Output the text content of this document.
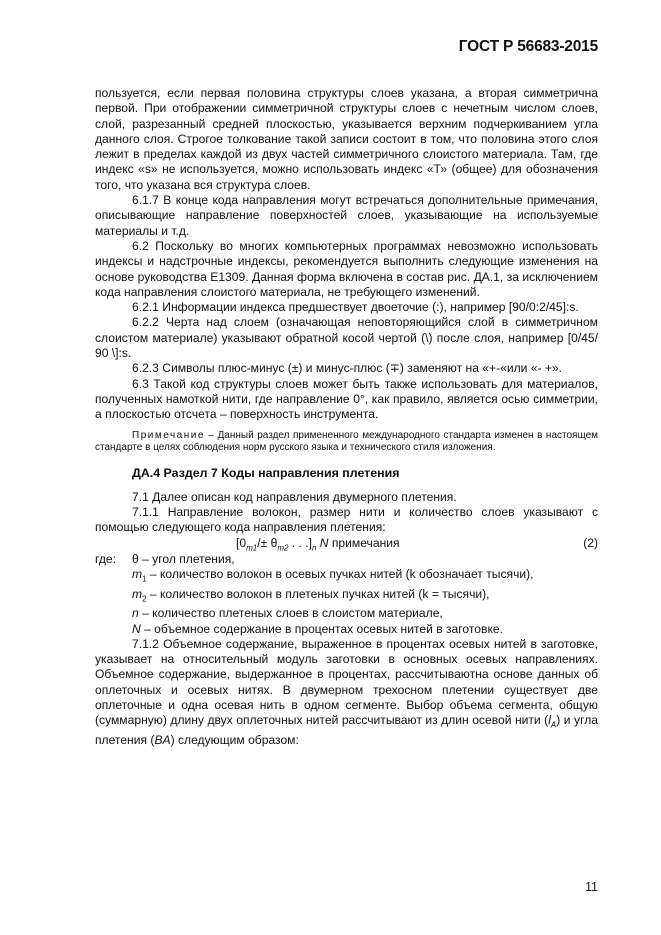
ГОСТ Р 56683-2015

пользуется, если первая половина структуры слоев указана, а вторая симметрична первой. При отображении симметричной структуры слоев с нечетным числом слоев, слой, разрезанный средней плоскостью, указывается верхним подчеркиванием угла данного слоя. Строгое толкование такой записи состоит в том, что половина этого слоя лежит в пределах каждой из двух частей симметричного слоистого материала. Там, где индекс «s» не используется, можно использовать индекс «Т» (общее) для обозначения того, что указана вся структура слоев.

6.1.7 В конце кода направления могут встречаться дополнительные примечания, описывающие направление поверхностей слоев, указывающие на используемые материалы и т.д.

6.2 Поскольку во многих компьютерных программах невозможно использовать индексы и надстрочные индексы, рекомендуется выполнить следующие изменения на основе руководства Е1309. Данная форма включена в состав рис. ДА.1, за исключением кода направления слоистого материала, не требующего изменений.

6.2.1 Информации индекса предшествует двоеточие (:), например [90/0:2/45]:s.

6.2.2 Черта над слоем (означающая неповторяющийся слой в симметричном слоистом материале) указывают обратной косой чертой (\) после слоя, например [0/45/ 90 \]:s.

6.2.3 Символы плюс-минус (±) и минус-плюс (∓) заменяют на «+-«или «- +».

6.3 Такой код структуры слоев может быть также использовать для материалов, полученных намоткой нити, где направление 0°, как правило, является осью симметрии, а плоскостью отсчета – поверхность инструмента.

Примечание – Данный раздел примененного международного стандарта изменен в настоящем стандарте в целях соблюдения норм русского языка и технического стиля изложения.

ДА.4 Раздел 7 Коды направления плетения

7.1 Далее описан код направления двумерного плетения.

7.1.1 Направление волокон, размер нити и количество слоев указывают с помощью следующего кода направления плетения:

[$0_{m1}/\pm \theta_{m2}$ . . $.]_n$ N примечания	(2)
где:	θ – угол плетения,

$m_1$ – количество волокон в осевых пучках нитей (k обозначает тысячи),

$m_2$ – количество волокон в плетеных пучках нитей (k = тысячи),

n – количество плетеных слоев в слоистом материале,

N – объемное содержание в процентах осевых нитей в заготовке.

7.1.2 Объемное содержание, выраженное в процентах осевых нитей в заготовке, указывает на относительный модуль заготовки в основных осевых направлениях. Объемное содержание, выдержанное в процентах, рассчитываютна основе данных об оплеточных и осевых нитях. В двумерном трехосном плетении существует две оплеточные и одна осевая нить в одном сегменте. Выбор объема сегмента, общую (суммарную) длину двух оплеточных нитей рассчитывают из длин осевой нити $(l_A)$ и угла плетения (BA) следующим образом:

11
